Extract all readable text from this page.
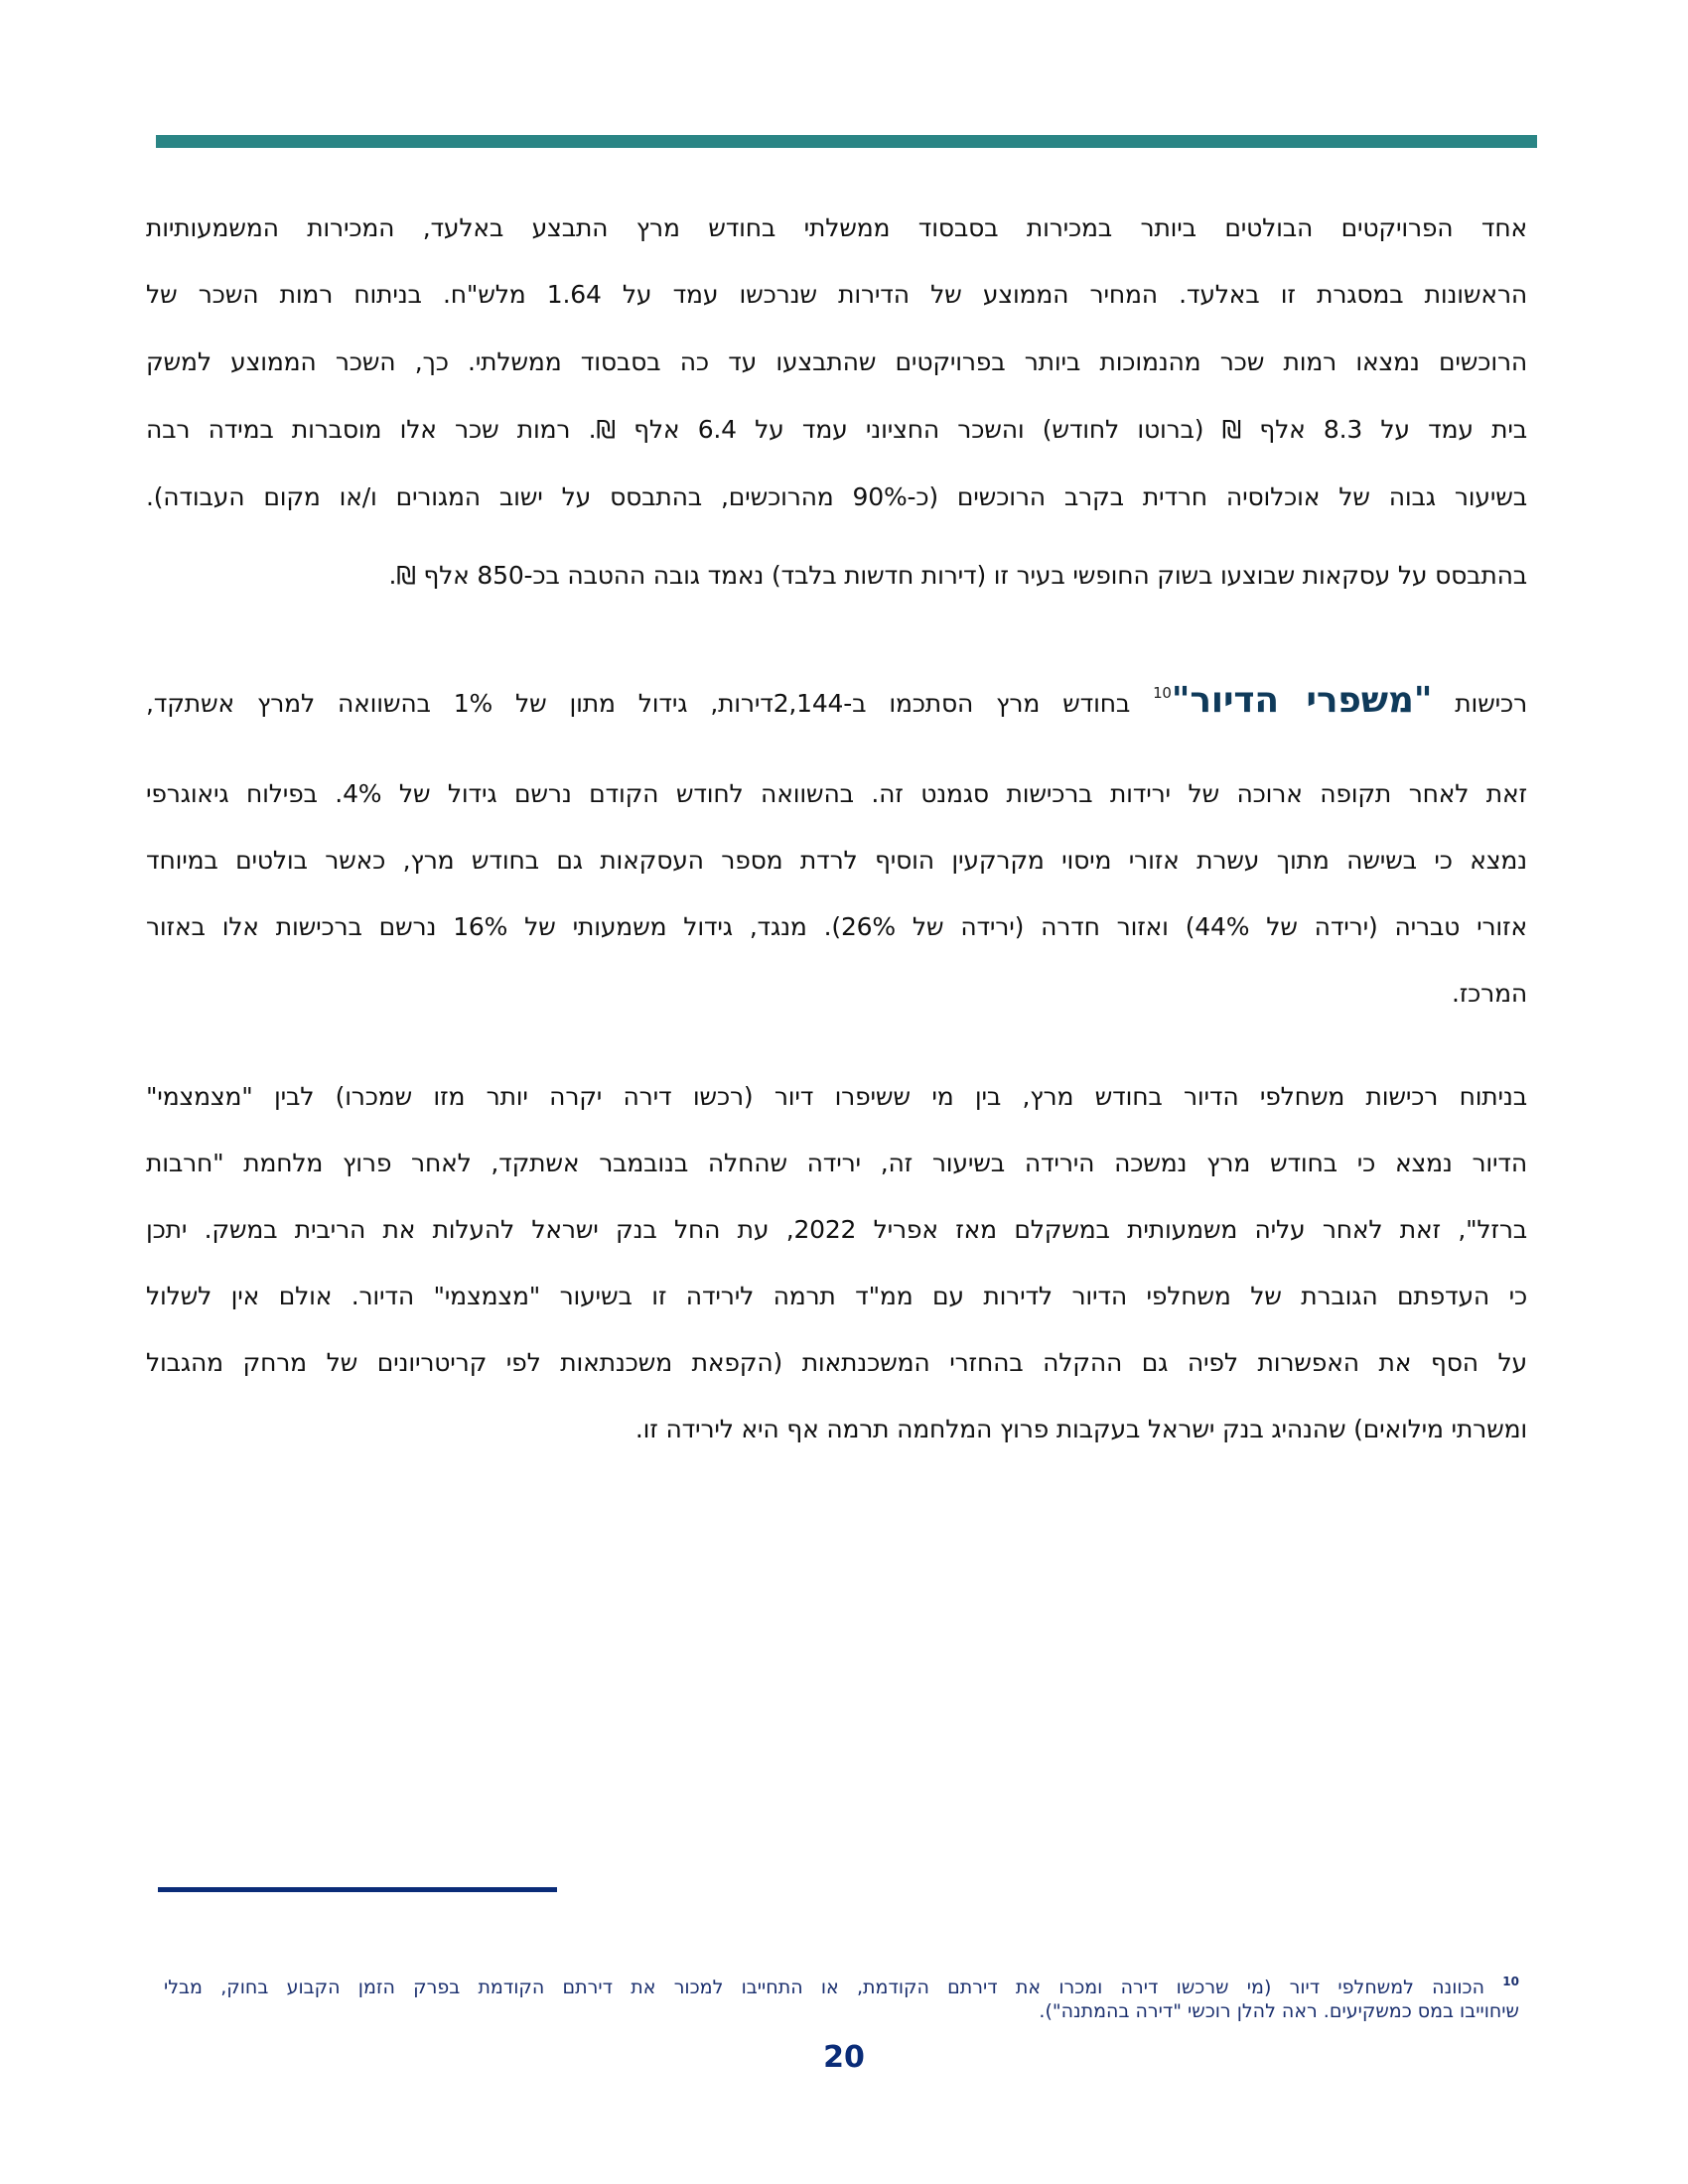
אחד הפרויקטים הבולטים ביותר במכירות בסבסוד ממשלתי בחודש מרץ התבצע באלעד, המכירות המשמעותיות
הראשונות במסגרת זו באלעד. המחיר הממוצע של הדירות שנרכשו עמד על 1.64 מלש"ח. בניתוח רמות השכר של
הרוכשים נמצאו רמות שכר מהנמוכות ביותר בפרויקטים שהתבצעו עד כה בסבסוד ממשלתי. כך, השכר הממוצע למשק
בית עמד על 8.3 אלף ₪ (ברוטו לחודש) והשכר החציוני עמד על 6.4 אלף ₪. רמות שכר אלו מוסברות במידה רבה
בשיעור גבוה של אוכלוסיה חרדית בקרב הרוכשים (כ-90% מהרוכשים, בהתבסס על ישוב המגורים ו/או מקום העבודה).
בהתבסס על עסקאות שבוצעו בשוק החופשי בעיר זו (דירות חדשות בלבד) נאמד גובה ההטבה בכ-850 אלף ₪.
רכישות "משפרי הדיור"$^{10}$ בחודש מרץ הסתכמו ב-2,144דירות, גידול מתון של 1% בהשוואה למרץ אשתקד,
זאת לאחר תקופה ארוכה של ירידות ברכישות סגמנט זה. בהשוואה לחודש הקודם נרשם גידול של 4%. בפילוח גיאוגרפי
נמצא כי בשישה מתוך עשרת אזורי מיסוי מקרקעין הוסיף לרדת מספר העסקאות גם בחודש מרץ, כאשר בולטים במיוחד
אזורי טבריה (ירידה של 44%) ואזור חדרה (ירידה של 26%). מנגד, גידול משמעותי של 16% נרשם ברכישות אלו באזור
המרכז.
בניתוח רכישות משחלפי הדיור בחודש מרץ, בין מי ששיפרו דיור (רכשו דירה יקרה יותר מזו שמכרו) לבין "מצמצמי"
הדיור נמצא כי בחודש מרץ נמשכה הירידה בשיעור זה, ירידה שהחלה בנובמבר אשתקד, לאחר פרוץ מלחמת "חרבות
ברזל", זאת לאחר עליה משמעותית במשקלם מאז אפריל 2022, עת החל בנק ישראל להעלות את הריבית במשק. יתכן
כי העדפתם הגוברת של משחלפי הדיור לדירות עם ממ"ד תרמה לירידה זו בשיעור "מצמצמי" הדיור. אולם אין לשלול
על הסף את האפשרות לפיה גם ההקלה בהחזרי המשכנתאות (הקפאת משכנתאות לפי קריטריונים של מרחק מהגבול
ומשרתי מילואים) שהנהיג בנק ישראל בעקבות פרוץ המלחמה תרמה אף היא לירידה זו.
$^{10}$ הכוונה למשחלפי דיור (מי שרכשו דירה ומכרו את דירתם הקודמת, או התחייבו למכור את דירתם הקודמת בפרק הזמן הקבוע בחוק, מבלי
שיחוייבו במס כמשקיעים. ראה להלן רוכשי "דירה בהמתנה").
20
